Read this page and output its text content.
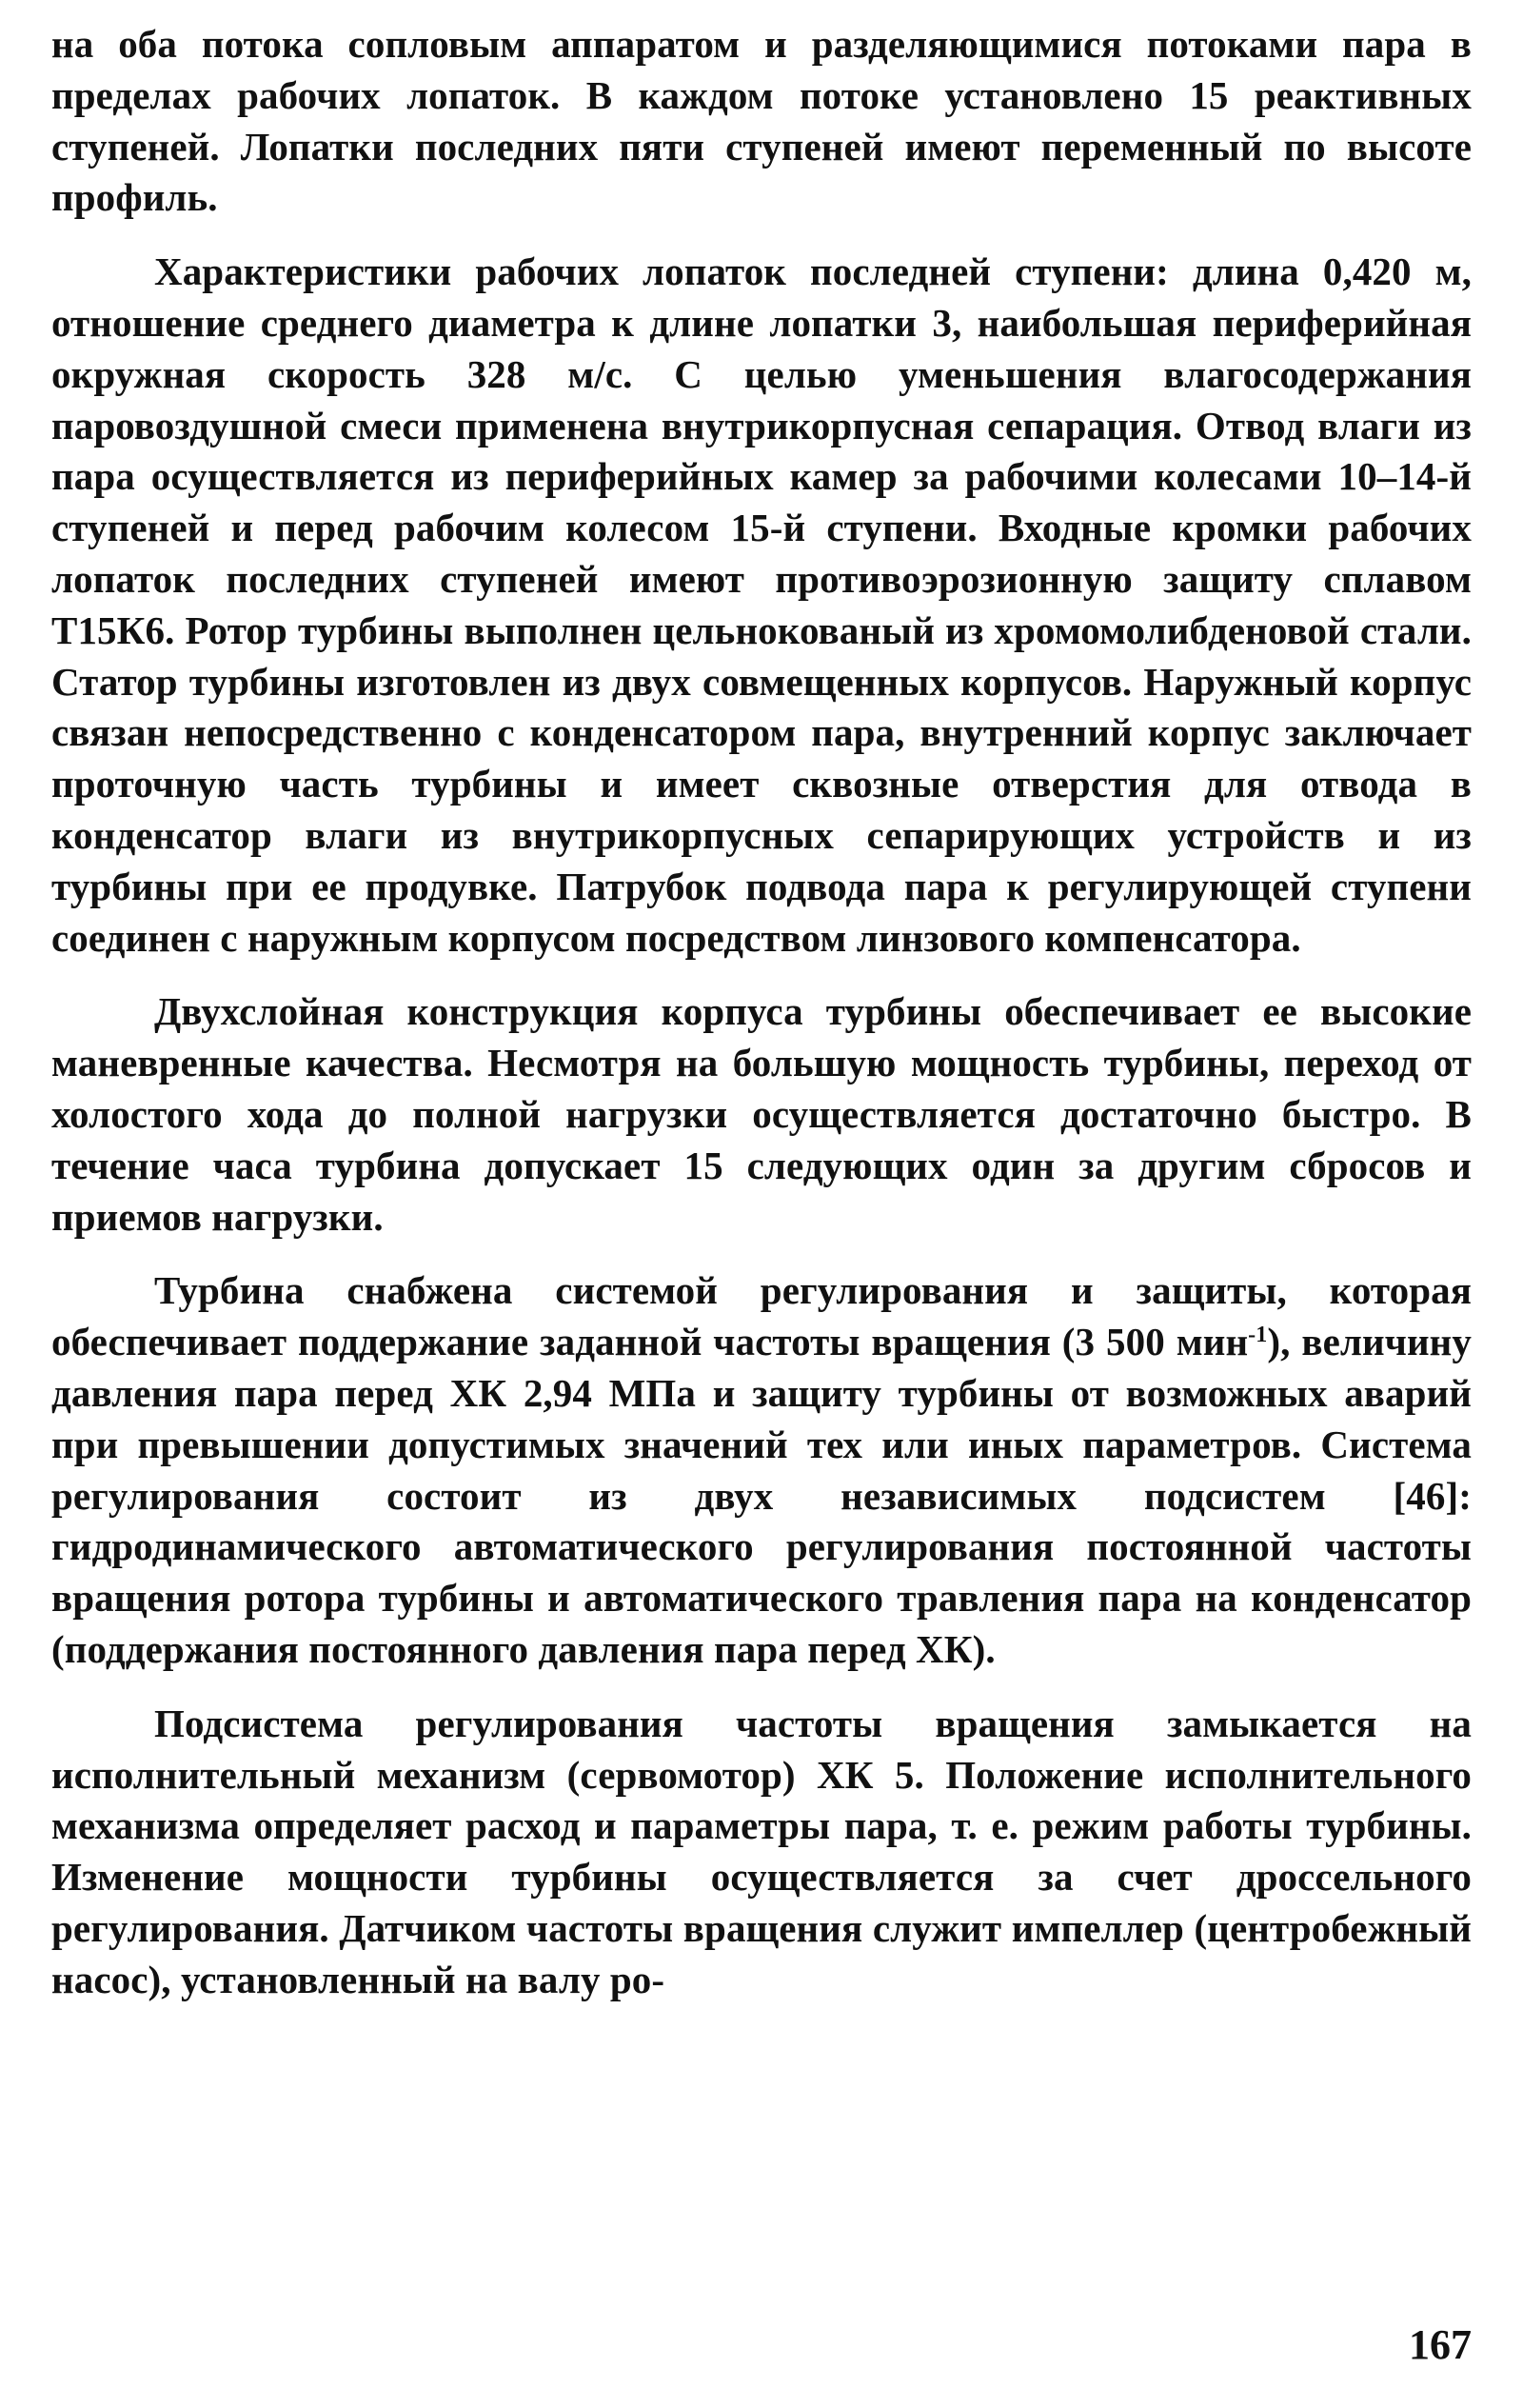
на оба потока сопловым аппаратом и разделяющимися потоками пара в пределах рабочих лопаток. В каждом потоке установлено 15 реактивных ступеней. Лопатки последних пяти ступеней имеют переменный по высоте профиль.

Характеристики рабочих лопаток последней ступени: длина 0,420 м, отношение среднего диаметра к длине лопатки 3, наибольшая периферийная окружная скорость 328 м/с. С целью уменьшения влагосодержания паровоздушной смеси применена внутрикорпусная сепарация. Отвод влаги из пара осуществляется из периферийных камер за рабочими колесами 10–14-й ступеней и перед рабочим колесом 15-й ступени. Входные кромки рабочих лопаток последних ступеней имеют противоэрозионную защиту сплавом Т15К6. Ротор турбины выполнен цельнокованый из хромомолибденовой стали. Статор турбины изготовлен из двух совмещенных корпусов. Наружный корпус связан непосредственно с конденсатором пара, внутренний корпус заключает проточную часть турбины и имеет сквозные отверстия для отвода в конденсатор влаги из внутрикорпусных сепарирующих устройств и из турбины при ее продувке. Патрубок подвода пара к регулирующей ступени соединен с наружным корпусом посредством линзового компенсатора.

Двухслойная конструкция корпуса турбины обеспечивает ее высокие маневренные качества. Несмотря на большую мощность турбины, переход от холостого хода до полной нагрузки осуществляется достаточно быстро. В течение часа турбина допускает 15 следующих один за другим сбросов и приемов нагрузки.

Турбина снабжена системой регулирования и защиты, которая обеспечивает поддержание заданной частоты вращения (3 500 мин$^{-1}$), величину давления пара перед ХК 2,94 МПа и защиту турбины от возможных аварий при превышении допустимых значений тех или иных параметров. Система регулирования состоит из двух независимых подсистем [46]: гидродинамического автоматического регулирования постоянной частоты вращения ротора турбины и автоматического травления пара на конденсатор (поддержания постоянного давления пара перед ХК).

Подсистема регулирования частоты вращения замыкается на исполнительный механизм (сервомотор) ХК 5. Положение исполнительного механизма определяет расход и параметры пара, т. е. режим работы турбины. Изменение мощности турбины осуществляется за счет дроссельного регулирования. Датчиком частоты вращения служит импеллер (центробежный насос), установленный на валу ро-

167
